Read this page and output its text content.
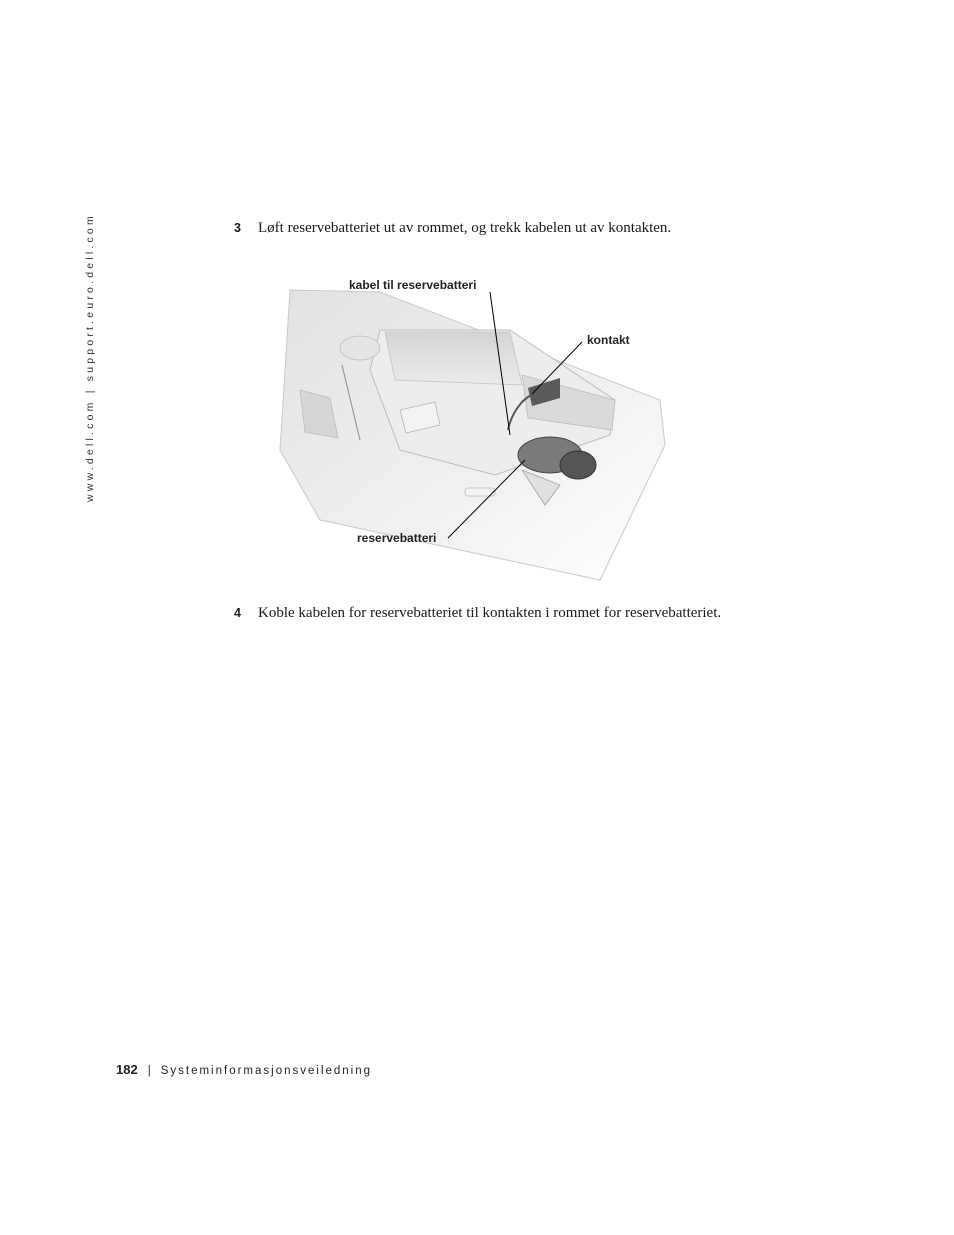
www.dell.com | support.euro.dell.com	3 Løft reservebatteriet ut av rommet, og trekk kabelen ut av kontakten.
kabel til reservebatteri
kontakt
reservebatteri
4 Koble kabelen for reservebatteriet til kontakten i rommet for reservebatteriet.
182 | Systeminformasjonsveiledning
